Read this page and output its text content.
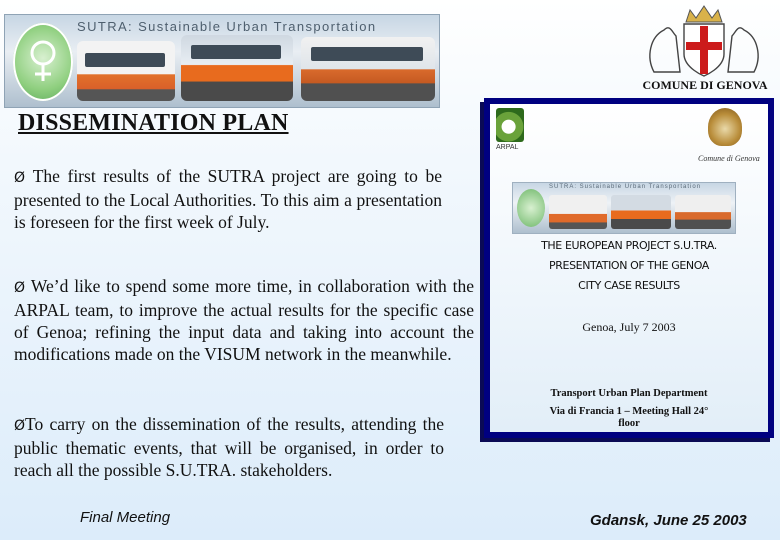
SUTRA: Sustainable Urban Transportation
COMUNE DI GENOVA
DISSEMINATION PLAN
Ø The first results of the SUTRA project are going to be presented to the Local Authorities. To this aim a presentation is foreseen for the first week of July.
Ø We’d like to spend some more time, in collaboration with the ARPAL team, to improve the actual results for the specific case of Genoa; refining the input data and taking into account the modifications made on the VISUM network in the meanwhile.
ØTo carry on the dissemination of the results, attending the public thematic events, that will be organised, in order to reach all the possible S.U.TRA. stakeholders.
ARPAL
Comune di Genova
SUTRA: Sustainable Urban Transportation
THE EUROPEAN PROJECT S.U.TRA.
PRESENTATION OF THE GENOA
CITY CASE RESULTS
Genoa, July 7 2003
Transport Urban Plan Department
Via di Francia 1 – Meeting Hall 24°
floor
Final Meeting	Gdansk, June 25 2003
